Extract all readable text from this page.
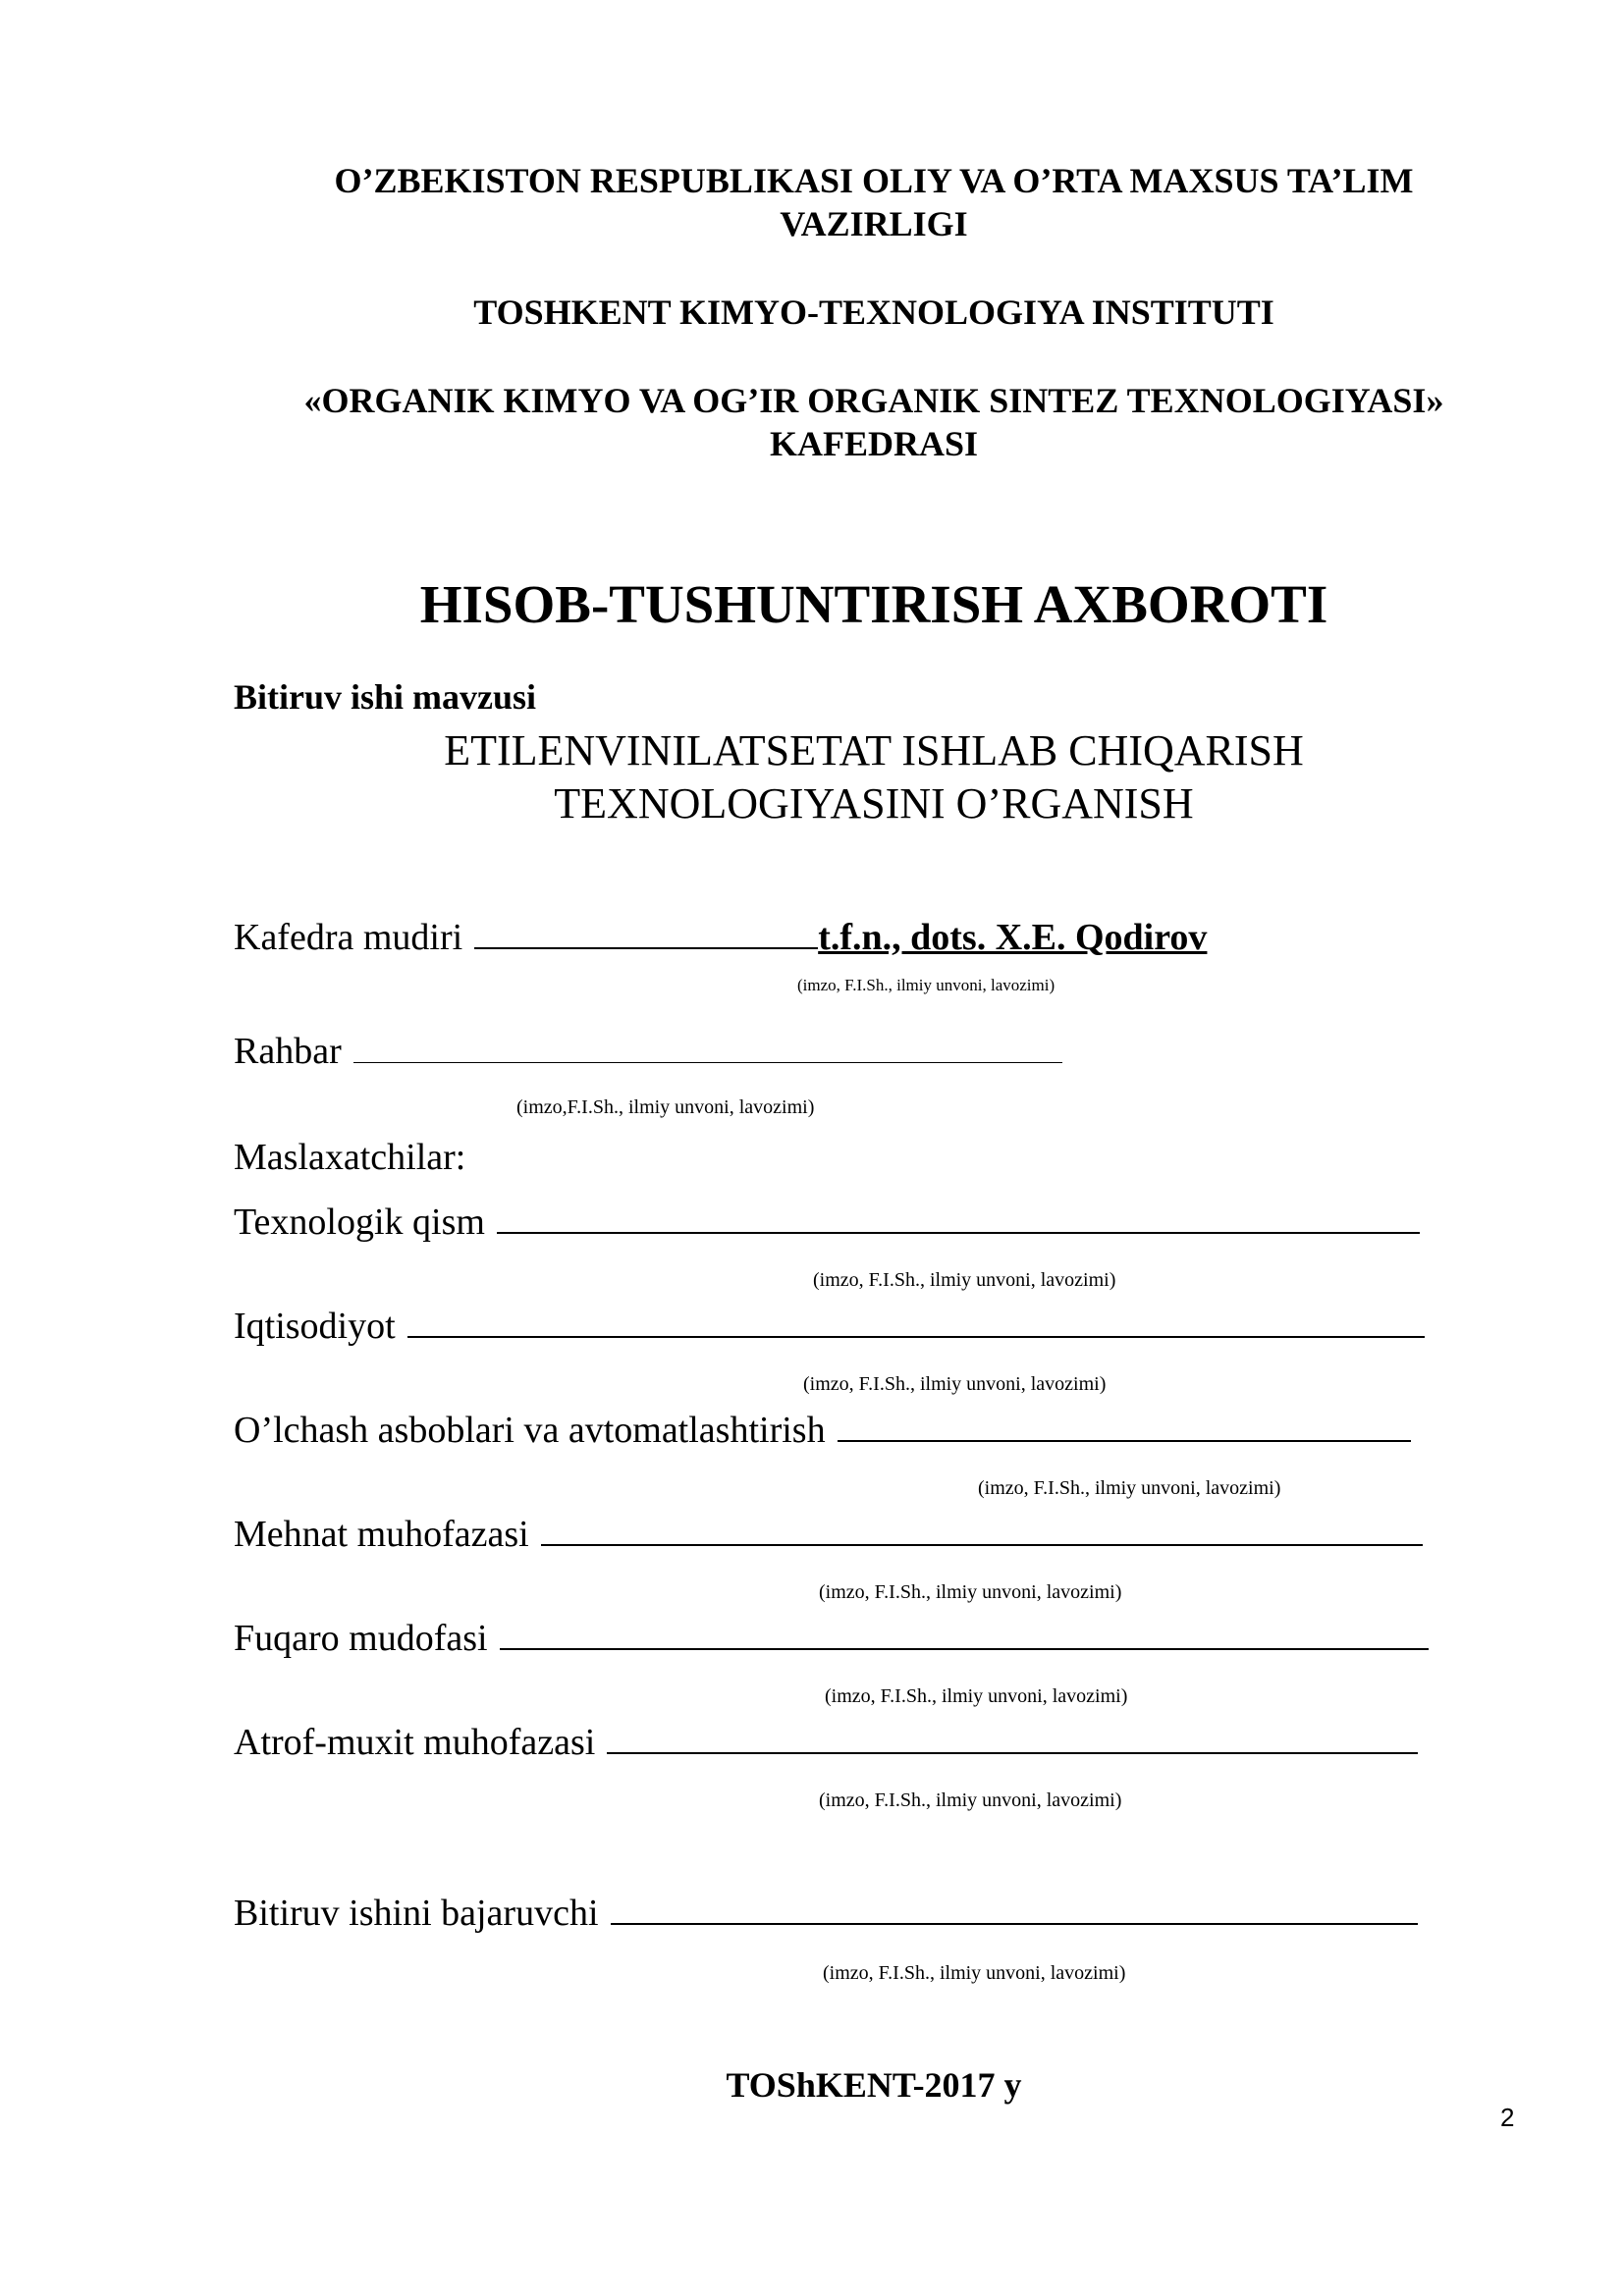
O’ZBEKISTON RESPUBLIKASI OLIY VA O’RTA MAXSUS TA’LIM
VAZIRLIGI
TOSHKENT KIMYO-TEXNOLOGIYA INSTITUTI
«ORGANIK KIMYO VA OG’IR ORGANIK SINTEZ TEXNOLOGIYASI»
KAFEDRASI
HISOB-TUSHUNTIRISH AXBOROTI
Bitiruv ishi mavzusi
ETILENVINILATSETAT ISHLAB CHIQARISH
TEXNOLOGIYASINI O’RGANISH
Kafedra mudiri	t.f.n., dots. X.E. Qodirov
(imzo, F.I.Sh., ilmiy unvoni, lavozimi)
Rahbar
(imzo,F.I.Sh., ilmiy unvoni, lavozimi)
Maslaxatchilar:
Texnologik qism
(imzo, F.I.Sh., ilmiy unvoni, lavozimi)
Iqtisodiyot
(imzo, F.I.Sh., ilmiy unvoni, lavozimi)
O’lchash asboblari va avtomatlashtirish
(imzo, F.I.Sh., ilmiy unvoni, lavozimi)
Mehnat muhofazasi
(imzo, F.I.Sh., ilmiy unvoni, lavozimi)
Fuqaro mudofasi
(imzo, F.I.Sh., ilmiy unvoni, lavozimi)
Atrof-muxit muhofazasi
(imzo, F.I.Sh., ilmiy unvoni, lavozimi)
Bitiruv ishini bajaruvchi
(imzo, F.I.Sh., ilmiy unvoni, lavozimi)
TOShKENT-2017 y
2
